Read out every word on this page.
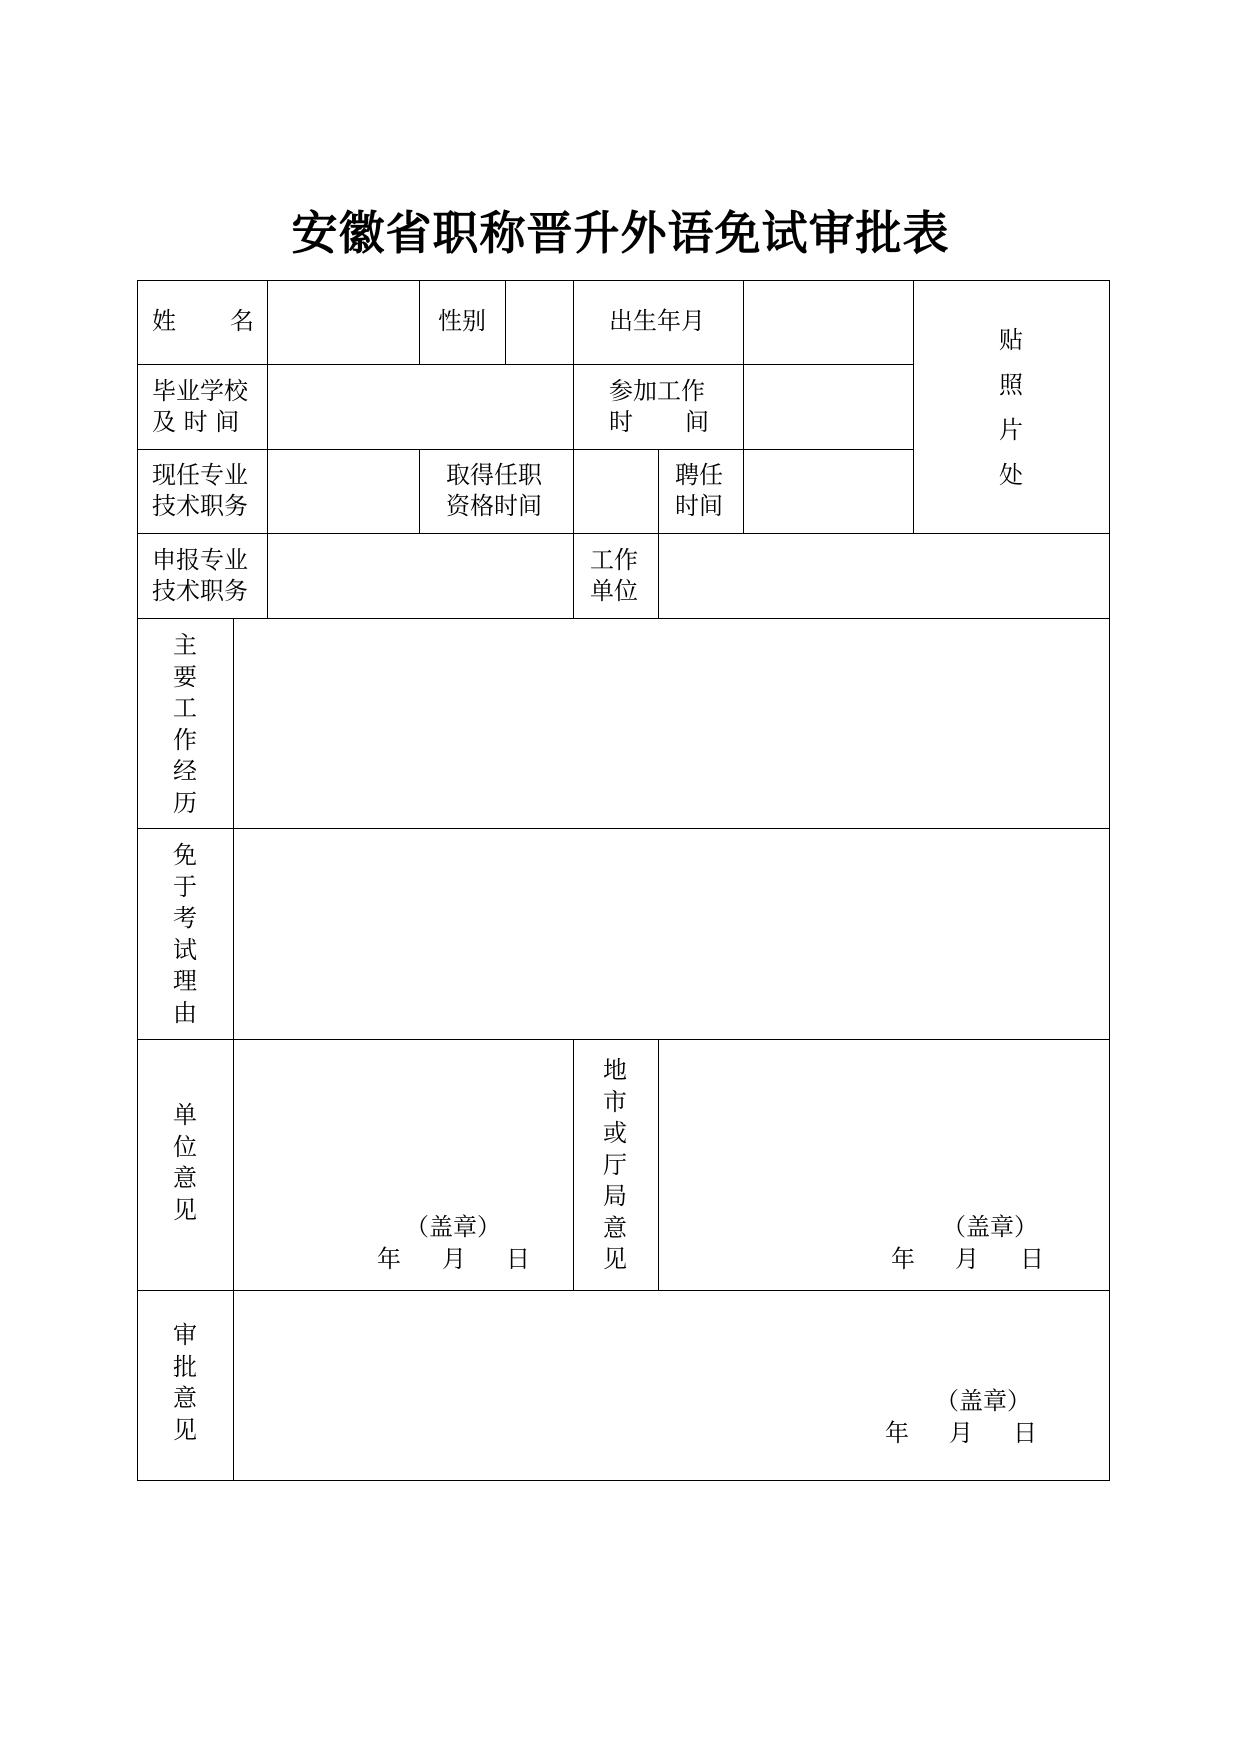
安徽省职称晋升外语免试审批表
姓 名	性别	出生年月
贴
照
片
处
毕业学校
及 时 间
参加工作
时 间
现任专业
技术职务
取得任职
资格时间
聘任
时间
申报专业
技术职务
工作
单位
主
要
工
作
经
历
免
于
考
试
理
由
单
位
意
见
（盖章）
年 月 日
地
市
或
厅
局
意
见
（盖章）
年 月 日
审
批
意
见
（盖章）
年 月 日
